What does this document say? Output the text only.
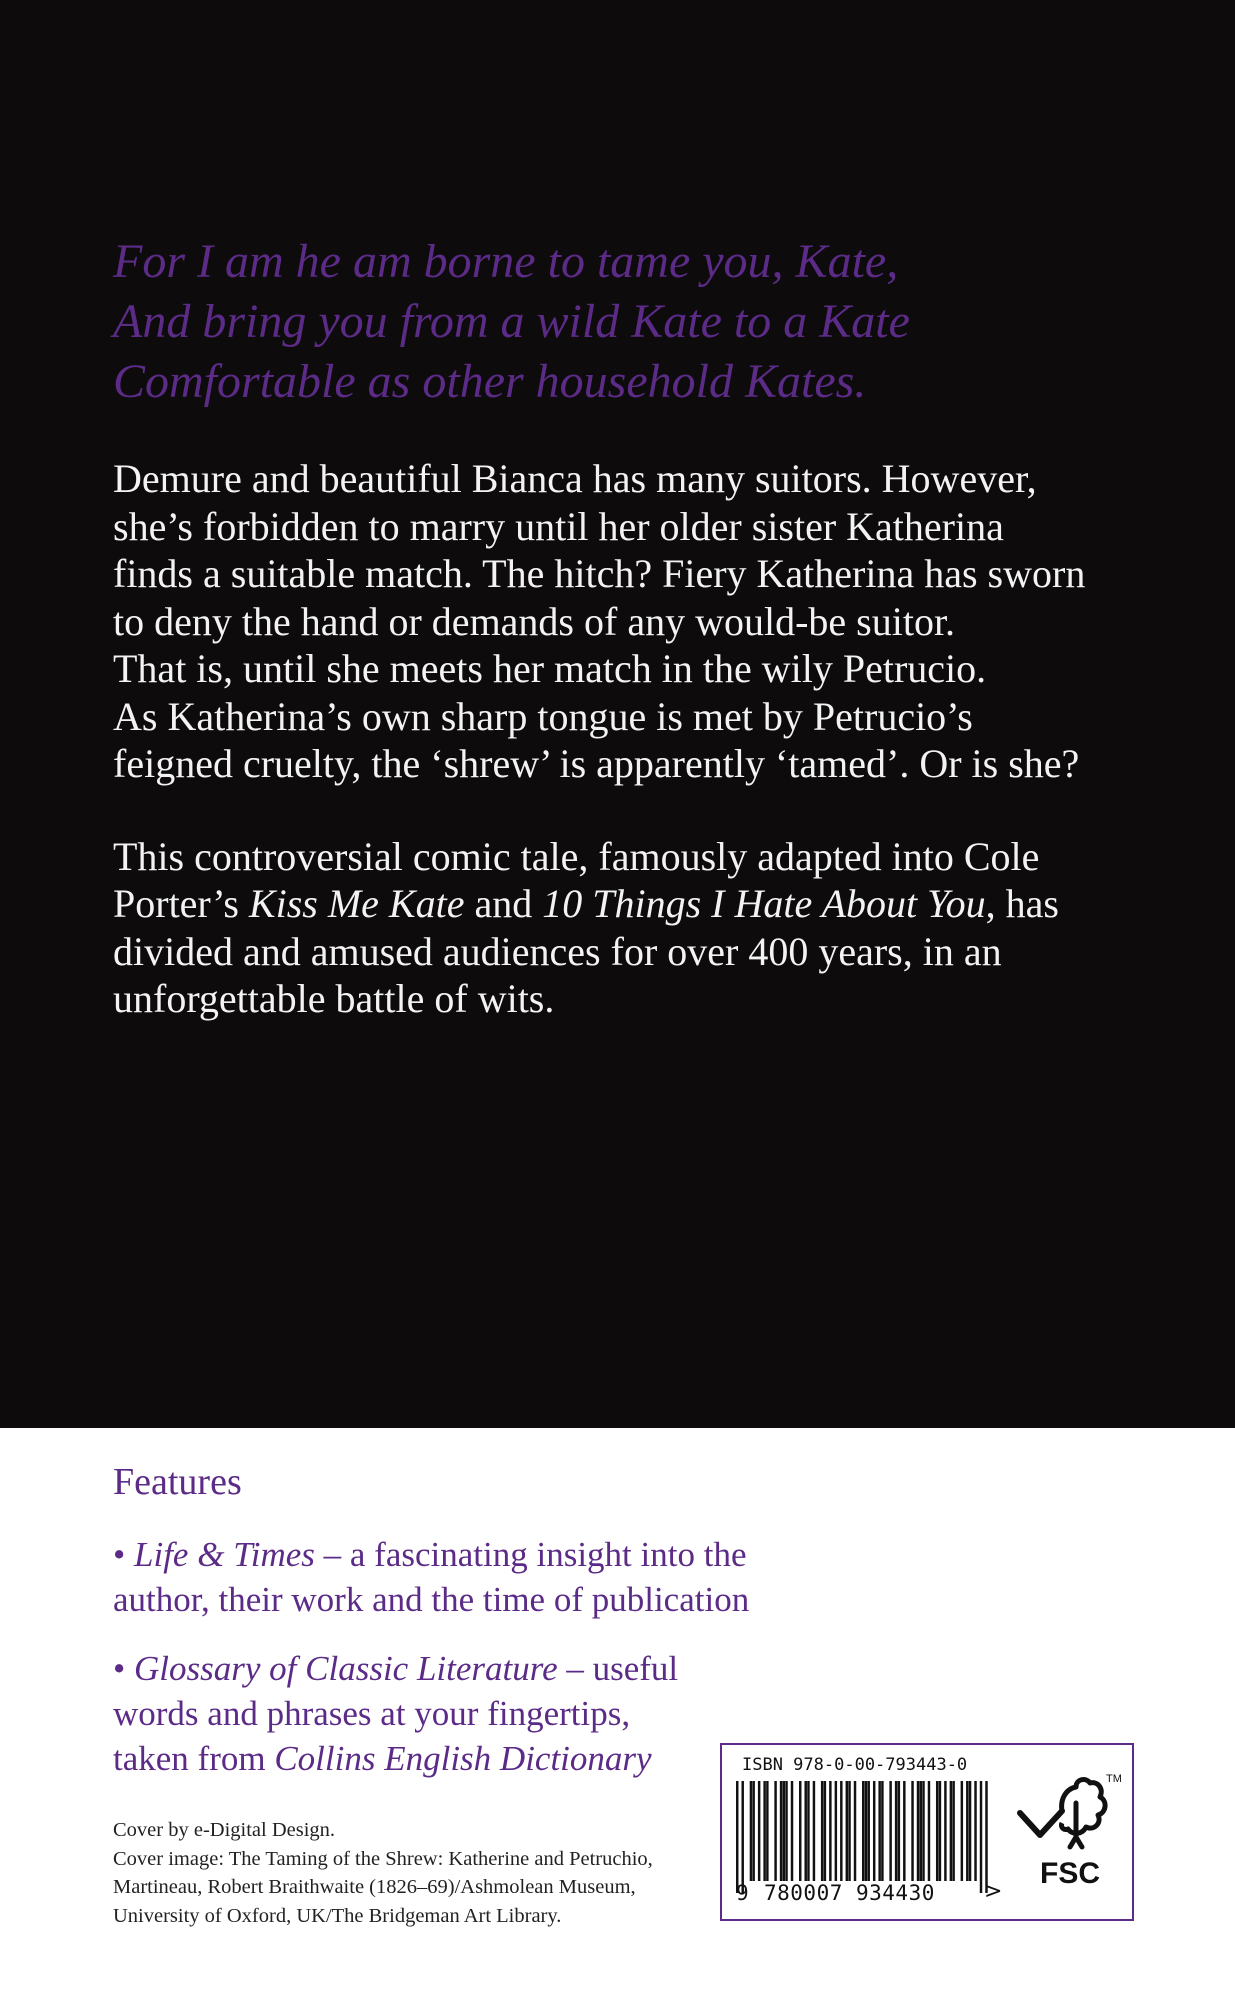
For I am he am borne to tame you, Kate,
And bring you from a wild Kate to a Kate
Comfortable as other household Kates.
Demure and beautiful Bianca has many suitors. However,
she’s forbidden to marry until her older sister Katherina
finds a suitable match. The hitch? Fiery Katherina has sworn
to deny the hand or demands of any would-be suitor.
That is, until she meets her match in the wily Petrucio.
As Katherina’s own sharp tongue is met by Petrucio’s
feigned cruelty, the ‘shrew’ is apparently ‘tamed’. Or is she?
This controversial comic tale, famously adapted into Cole
Porter’s Kiss Me Kate and 10 Things I Hate About You, has
divided and amused audiences for over 400 years, in an
unforgettable battle of wits.
Features
• Life & Times – a fascinating insight into the
author, their work and the time of publication
• Glossary of Classic Literature – useful
words and phrases at your fingertips,
taken from Collins English Dictionary
Cover by e-Digital Design.
Cover image: The Taming of the Shrew: Katherine and Petruchio,
Martineau, Robert Braithwaite (1826–69)/Ashmolean Museum,
University of Oxford, UK/The Bridgeman Art Library.
ISBN 978-0-00-793443-0
9 780007 934430 >
TM
FSC
